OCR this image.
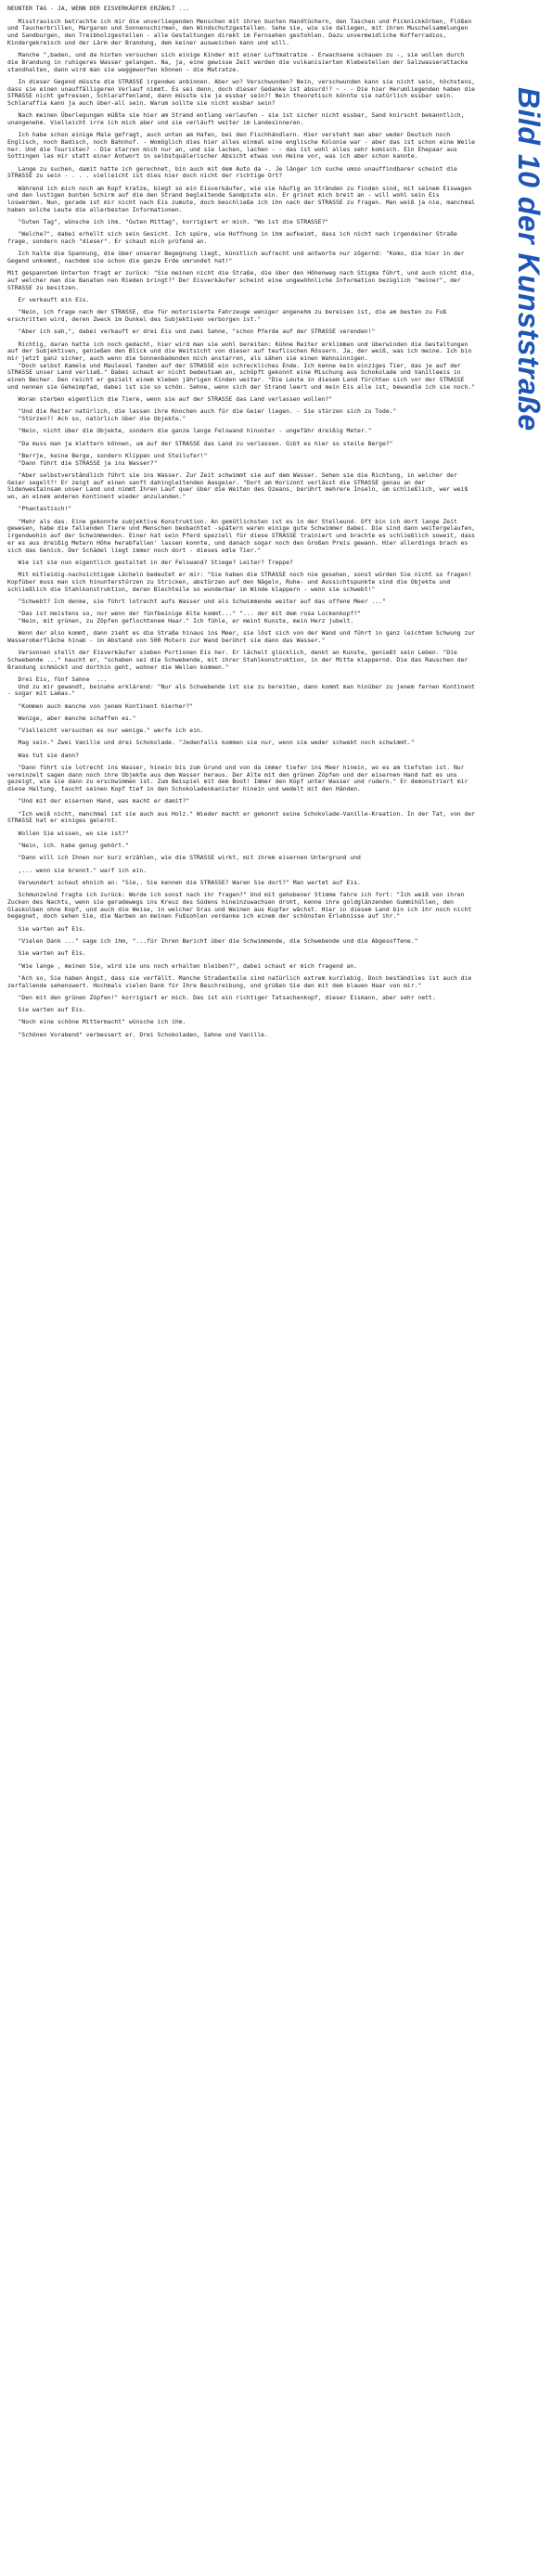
NEUNTER TAG - JA, WENN DER EISVERKÄUFER ERZÄHLT ...

Misstrauisch betrachte ich mir die unverliegenden Menschen mit ihren bunten Handtüchern, den Taschen und Picknickkörben, Flößen und Taucherbrillen, Margaren und Sonnenschirmen, den Windschutzgestellen. Sehe sie, wie sie daliegen, mit ihren Muschelsammlungen und Sandburgen, den Treibholzgestellen - alle Gestaltungen direkt im Fernsehen gestohlen. Dazu unvermeidliche Kofferradios, Kindergekreisch und der Lärm der Brandung, dem keiner ausweichen kann und will.

Manche ",baden, und da hinten versuchen sich einige Kinder mit einer Luftmatratze - Erwachsene schauen zu -, sie wollen durch die Brandung in ruhigeres Wasser gelangen. Na, ja, eine gewisse Zeit werden die vulkanisierten Klebestellen der Salzwasserattacke standhalten, dann wird man sie weggeworfen können - die Matratze.

In dieser Gegend müsste die STRASSE irgendwo anbinnen. Aber wo? Verschwunden? Nein, verschwunden kann sie nicht sein, höchstens, dass sie einen unauffälligeren Verlauf nimmt. Es sei denn, doch dieser Gedanke ist absurd!? ~ - - Die hier Herumliegenden haben die STRASSE nicht gefressen, Schlaraffenland, dann müsste sie ja essbar sein?! Nein theoretisch könnte sie natürlich essbar sein. Schlaraffia kann ja auch über-all sein. Warum sollte sie nicht essbar sein?

Nach meinen Überlegungen müßte sie hier am Strand entlang verlaufen - sie ist sicher nicht essbar, Sand knirscht bekanntlich, unangenehm. Vielleicht irre ich mich aber und sie verläuft weiter im Landesinneren.

Ich habe schon einige Male gefragt, auch unten am Hafen, bei den Fischhändlern. Hier versteht man aber weder Deutsch noch Englisch, noch Badisch, noch Bahnhof. - Womöglich dies hier alles einmal eine englische Kolonie war - aber das ist schon eine Weile her. Und die Touristen? - Die starren mich nur an, und sie lachen, lachen - - das ist wohl alles sehr komisch. Ein Ehepaar aus Sottingen las mir statt einer Antwort in selbstquälerischer Absicht etwas von Heine vor, was ich aber schon kannte.

Lange zu suchen, damit hatte ich gerechnet, bin auch mit dem Auto da -. Je länger ich suche umso unauffindbarer scheint die STRASSE zu sein - . . . vielleicht ist dies hier doch nicht der richtige Ort?

Während ich mich noch am Kopf kratze, biegt so ein Eisverkäufer, wie sie häufig an Stränden zu finden sind, mit seinem Eiswagen und den lustigen bunten Schirm auf die den Strand begleitende Sandpiste ein. Er grinst mich breit an - will wohl sein Eis loswerden. Nun, gerade ist mir nicht nach Eis zumute, doch beschließe ich ihn nach der STRASSE zu fragen. Man weiß ja nie, manchmal haben solche Leute die allerbesten Informationen.

"Guten Tag", wünsche ich ihm. "Guten Mittag", korrigiert er mich. "Wo ist die STRASSE?"

"Welche?", dabei erhellt sich sein Gesicht. Ich spüre, wie Hoffnung in ihm aufkeimt, dass ich nicht nach irgendeiner Straße frage, sondern nach "dieser". Er schaut mich prüfend an.

Ich halte die Spannung, die über unserer Begegnung liegt, künstlich aufrecht und antworte nur zögernd: "Komo, die hier in der Gegend unkommt, nachdem sie schon die ganze Erde umrundet hat!"

Mit gespanntem Unterton fragt er zurück: "Sie meinen nicht die Straße, die über den Höhenweg nach Stigma führt, und auch nicht die, auf welcher man die Banaten nen Rieden bringt?" Der Eisverkäufer scheint eine ungewöhnliche Information bezüglich "meiner", der STRASSE zu besitzen.

Er verkauft ein Eis.

"Nein, ich frage nach der STRASSE, die für motorisierte Fahrzeuge weniger angenehm zu bereisen ist, die am besten zu Fuß erschritten wird, deren Zweck im Dunkel des Subjektiven verborgen ist."

"Aber ich sah,", dabei verkauft er drei Eis und zwei Sahne, "schon Pferde auf der STRASSE verenden!"

Richtig, daran hatte ich noch gedacht, hier wird man sie wohl bereiten: Kühne Reiter erklimmen und überwinden die Gestaltungen auf der Subjektiven, genießen den Blick und die Weitsicht von dieser auf teuflischen Rössern. Ja, der weiß, was ich meine. Ich bin mir jetzt ganz sicher, auch wenn die Sonnenbadenden mich anstarren, als sähen sie einen Wahnsinnigen.
"Doch selbst Kamele und Maulesel fanden auf der STRASSE ein schreckliches Ende. Ich kenne kein einziges Tier, das je auf der STRASSE unser Land verließ." Dabei schaut er nicht bedeutsam an, schöpft gekonnt eine Mischung aus Schokolade und Vanilleeis in einen Becher. Den reicht er gezielt einem kleben jährigen Kinden weiter. "Die Leute in diesem Land fürchten sich vor der STRASSE und nennen sie Geheimpfad, dabei ist sie so schön. Sehne, wenn sich der Strand leert und mein Eis alle ist, bewandle ich sie noch."

Woran sterben eigentlich die Tiere, wenn sie auf der STRASSE das Land verlassen wollen?"

"Und die Reiter natürlich, die lassen ihre Knochen auch für die Geier liegen. - Sie stürzen sich zu Tode."
"Stürzen?! Ach so, natürlich über die Objekte."

"Nein, nicht über die Objekte, sondern die ganze lange Felswand hinunter - ungefähr dreißig Meter."

"Da muss man ja klettern können, um auf der STRASSE das Land zu verlassen. Gibt es hier so steile Berge?"

"Berrje, keine Berge, sondern Klippen und Steilufer!"
"Dann führt die STRASSE ja ins Wasser?"

"Aber selbstverständlich führt sie ins Wasser. Zur Zeit schwimmt sie auf dem Wasser. Sehen sie die Richtung, in welcher der Geier segelt?! Er zeigt auf einen sanft dahingleitenden Aasgeier. "Dort am Horizont verlässt die STRASSE genau an der Sidenwestainsam unser Land und nimmt Ihren Lauf quer über die Weiten des Ozeans, berührt mehrere Inseln, um schließlich, wer weiß wo, an einem anderen Kontinent wieder anzulanden."

"Phantastisch!"

"Mehr als das. Eine gekonnte subjektive Konstruktion. An gemütlichsten ist es in der Stelleund. Oft bin ich dort lange Zeit gewesen, habe die fallenden Tiere und Menschen beobachtet -spätern waren einige gute Schwimmer dabei. Die sind dann weitergelaufen, irgendwohin auf der Schwimmenden. Einer hat sein Pferd speziell für diese STRASSE trainiert und brachte es schließlich soweit, dass er es aus dreißig Metern Höhe herabfallen' lassen konnte, und danach sogar noch den Großen Preis gewann. Hier allerdings brach es sich das Genick. Der Schädel liegt immer noch dort - dieses edle Tier."

Wie ist sie nun eigentlich gestaltet in der Felswand? Stiege? Leiter? Treppe?

Mit mitleidig-nachsichtigem Lächeln bedeutet er mir: "Sie haben die STRASSE noch nie gesehen, sonst würden Sie nicht so fragen! Kopfüber muss man sich hinunterstürzen zu Stricken, abstürzen auf den Nägeln, Ruhe- und Aussichtspunkte sind die Objekte und schließlich die Stahlkonstruktion, deren Blechteile so wunderbar im Winde klappern - wenn sie schwebt!"

"Schwebt? Ich denke, sie führt lotrecht aufs Wasser und als Schwimmende weiter auf das offene Meer ..."

"Das ist meistens so, nur wenn der fünfbeinige Alte kommt..." "... der mit dem rosa Lockenkopf?"
"Nein, mit grünen, zu Zöpfen geflochtenem Haar." Ich fühle, er meint Kunste, mein Herz jubelt.

Wenn der also kommt, dann zieht es die Straße hinaus ins Meer, sie löst sich von der Wand und führt in ganz leichtem Schwung zur Wasseroberfläche hinab - im Abstand von 500 Motern zur Wand berührt sie dann das Wasser."

Versonnen stellt der Eisverkäufer sieben Portionen Eis her. Er lächelt glücklich, denkt an Kunste, genießt sein Leben. "Die Schwebende ..." haucht er, "schaben sei die Schwebende, mit ihrer Stahlkonstruktion, in der Mitte klappernd. Die das Rauschen der Brandung schmückt und dorthin geht, wohner die Wellen kommen."

Drei Eis, fünf Sahne  ...
Und zu mir gewandt, beinahe erklärend: "Nur als Schwebende ist sie zu bereiten, dann kommt man hinüber zu jenem fernen Kontinent - sogar mit Lamas."

"Kommen auch manche von jenem Kontinent hierher?"

Wenige, aber manche schaffen es."

"Vielleicht versuchen es nur wenige." werfe ich ein.

Mag sein." Zwei Vanille und drei Schokolade. "Jedenfalls kommen sie nur, wenn sie weder schwebt noch schwimmt."

Was tut sie dann?

"Dann führt sie lotrecht ins Wasser, hinein bis zum Grund und von da immer tiefer ins Meer hinein, wo es am tiefsten ist. Nur vereinzelt sagen dann noch ihre Objekte aus dem Wasser heraus. Der Alte mit den grünen Zöpfen und der eisernen Hand hat es uns gezeigt, wie sie dann zu erschwimmen ist. Zum Beispiel mit dem Boot! Immer den Kopf unter Wasser und rudern." Er demonstriert mir diese Haltung, taucht seinen Kopf tief in den Schokoladenkanister hinein und wedelt mit den Händen.

"Und mit der eisernen Hand, was macht er damit?"

"Ich weiß nicht, manchmal ist sie auch aus Holz." Wieder macht er gekonnt seine Schokolade-Vanille-Kreation. In der Tat, von der STRASSE hat er einiges gelernt.

Wollen Sie wissen, wo sie ist?"

"Nein, ich. habe genug gehört."

"Dann will ich Ihnen nur kurz erzählen, wie die STRASSE wirkt, mit ihrem eisernen Untergrund und

,... wenn sie brennt." warf ich ein.

Verwundert schaut ehnich an: "Sie,. Sie kennen die STRASSE? Waren Sie dort?" Man wartet auf Eis.

Schmunzelnd fragte ich zurück: Worde ich sonst nach ihr fragen?" Und mit gehobener Stimme fahre ich fort: "Ich weiß von ihren Zucken des Nachts, wenn sie geradewegs ins Kreuz des Südens hineinzuwachsen droht, kenne ihre goldglänzenden Gummihüllen, den Glaskolben ohne Kopf, und auch die Weise, in welcher Oras und Weinen aus Kupfer wächst. Hier in diesem Land bin ich ihr noch nicht begegnet, doch sehen Sie, die Narben an meinen Fußsohlen verdanke ich einem der schönsten Erlebnisse auf ihr."

Sie warten auf Eis.

"Vielen Dank ..." sage ich ihm, "...für Ihren Bericht über die Schwimmende, die Schwebende und die Abgesoffene."

Sie warten auf Eis.

"Wie lange , meinen Sie, wird sie uns noch erhalten bleiben?", dabei schaut er mich fragend an.

"Ach so, Sie haben Angst, dass sie verfällt. Manche Straßenteile sind natürlich extrem kurzlebig. Doch beständiles ist auch die zerfallende sehenswert. Hochmals vielen Dank für Ihre Beschreibung, und grüßen Sie den mit dem blauen Haar von mir."

"Den mit den grünen Zöpfen!" korrigiert er mich. Das ist ein richtiger Tatsachenkopf, dieser Eismann, aber sehr nett.

Sie warten auf Eis.

"Noch eine schöne Mittermacht" wünsche ich ihm.

"Schönen Vorabend" verbessert er. Drei Schokoladen, Sahne und Vanille.

Bild 10 der Kunststraße
